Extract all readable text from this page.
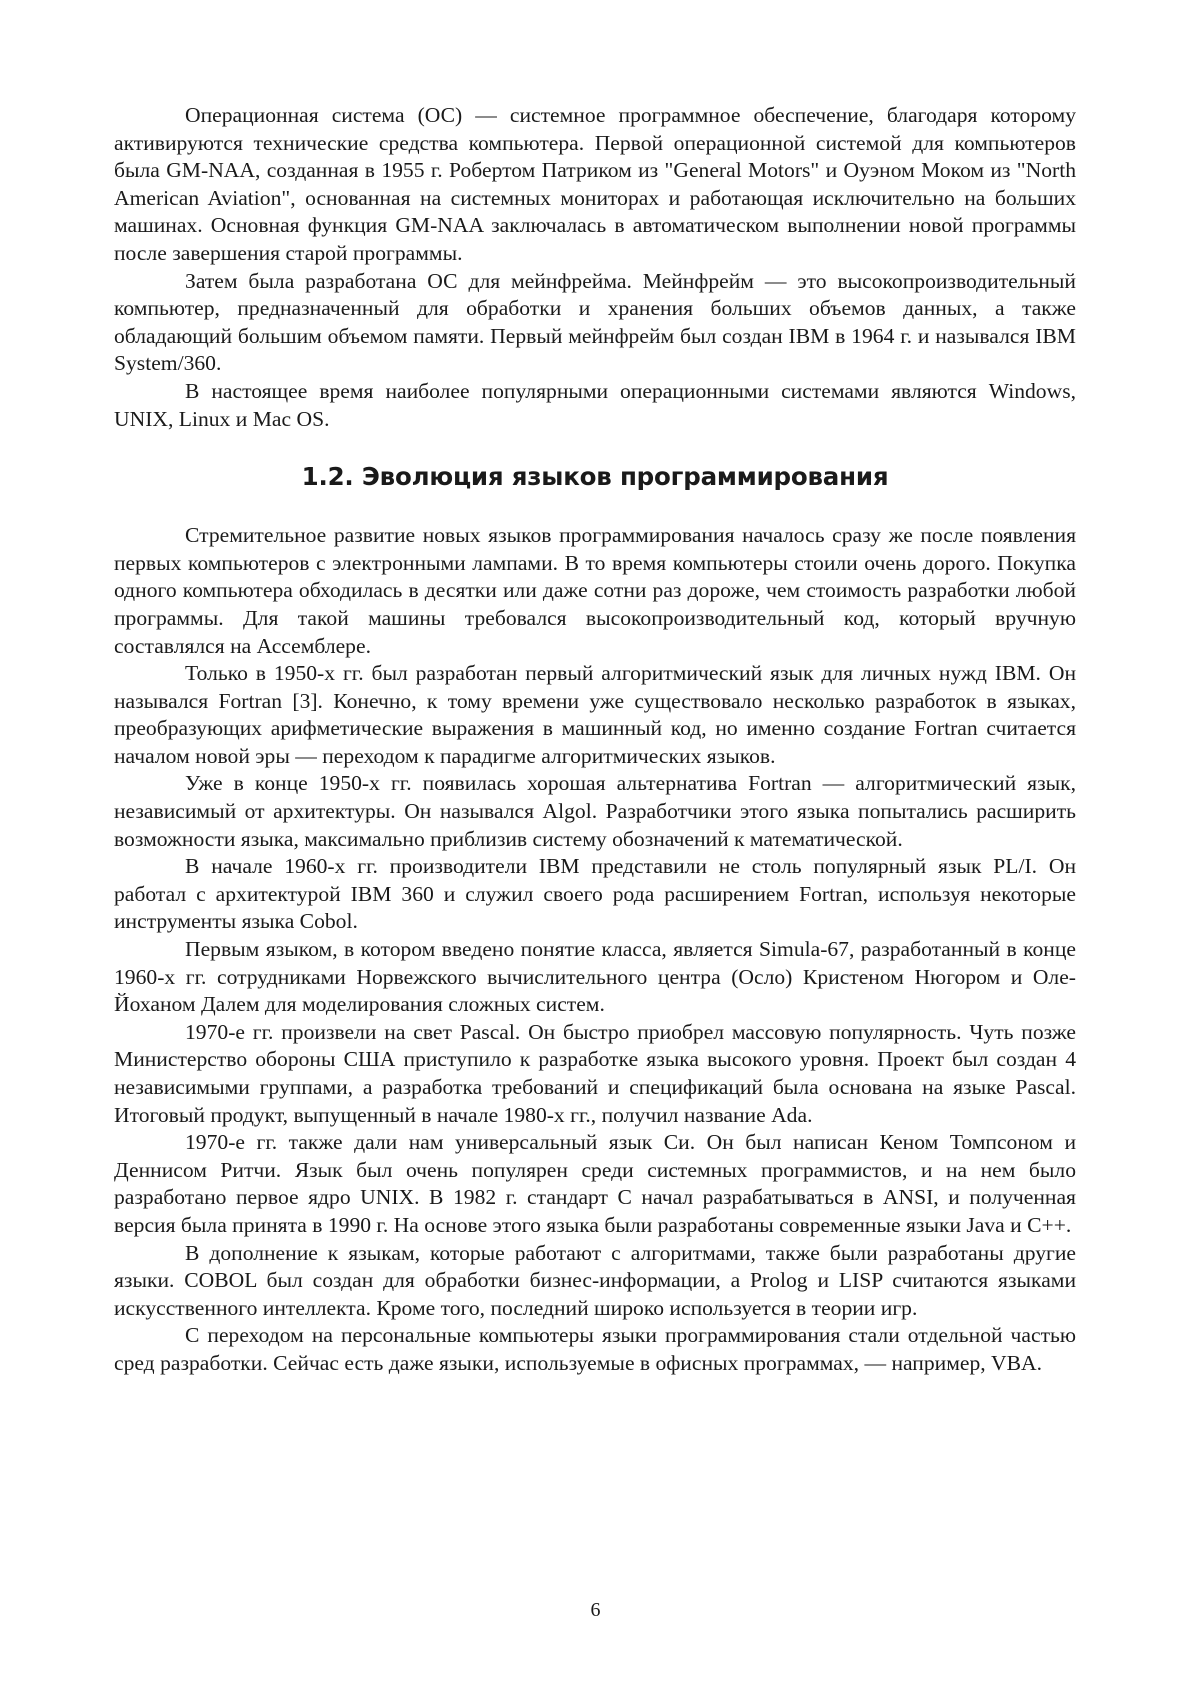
Операционная система (ОС) — системное программное обеспечение, благодаря которому активируются технические средства компьютера. Первой операционной системой для компьютеров была GM-NAA, созданная в 1955 г. Робертом Патриком из "General Motors" и Оуэном Моком из "North American Aviation", основанная на системных мониторах и работающая исключительно на больших машинах. Основная функция GM-NAA заключалась в автоматическом выполнении новой программы после завершения старой программы.

Затем была разработана ОС для мейнфрейма. Мейнфрейм — это высокопроизводительный компьютер, предназначенный для обработки и хранения больших объемов данных, а также обладающий большим объемом памяти. Первый мейнфрейм был создан IBM в 1964 г. и назывался IBM System/360.

В настоящее время наиболее популярными операционными системами являются Windows, UNIX, Linux и Mac OS.

1.2. Эволюция языков программирования

Стремительное развитие новых языков программирования началось сразу же после появления первых компьютеров с электронными лампами. В то время компьютеры стоили очень дорого. Покупка одного компьютера обходилась в десятки или даже сотни раз дороже, чем стоимость разработки любой программы. Для такой машины требовался высокопроизводительный код, который вручную составлялся на Ассемблере.

Только в 1950-х гг. был разработан первый алгоритмический язык для личных нужд IBM. Он назывался Fortran [3]. Конечно, к тому времени уже существовало несколько разработок в языках, преобразующих арифметические выражения в машинный код, но именно создание Fortran считается началом новой эры — переходом к парадигме алгоритмических языков.

Уже в конце 1950-х гг. появилась хорошая альтернатива Fortran — алгоритмический язык, независимый от архитектуры. Он назывался Algol. Разработчики этого языка попытались расширить возможности языка, максимально приблизив систему обозначений к математической.

В начале 1960-х гг. производители IBM представили не столь популярный язык PL/I. Он работал с архитектурой IBM 360 и служил своего рода расширением Fortran, используя некоторые инструменты языка Cobol.

Первым языком, в котором введено понятие класса, является Simula-67, разработанный в конце 1960-х гг. сотрудниками Норвежского вычислительного центра (Осло) Кристеном Нюгором и Оле-Йоханом Далем для моделирования сложных систем.

1970-е гг. произвели на свет Pascal. Он быстро приобрел массовую популярность. Чуть позже Министерство обороны США приступило к разработке языка высокого уровня. Проект был создан 4 независимыми группами, а разработка требований и спецификаций была основана на языке Pascal. Итоговый продукт, выпущенный в начале 1980-х гг., получил название Ada.

1970-е гг. также дали нам универсальный язык Си. Он был написан Кеном Томпсоном и Деннисом Ритчи. Язык был очень популярен среди системных программистов, и на нем было разработано первое ядро UNIX. В 1982 г. стандарт С начал разрабатываться в ANSI, и полученная версия была принята в 1990 г. На основе этого языка были разработаны современные языки Java и С++.

В дополнение к языкам, которые работают с алгоритмами, также были разработаны другие языки. COBOL был создан для обработки бизнес-информации, а Prolog и LISP считаются языками искусственного интеллекта. Кроме того, последний широко используется в теории игр.

С переходом на персональные компьютеры языки программирования стали отдельной частью сред разработки. Сейчас есть даже языки, используемые в офисных программах, — например, VBA.

6
